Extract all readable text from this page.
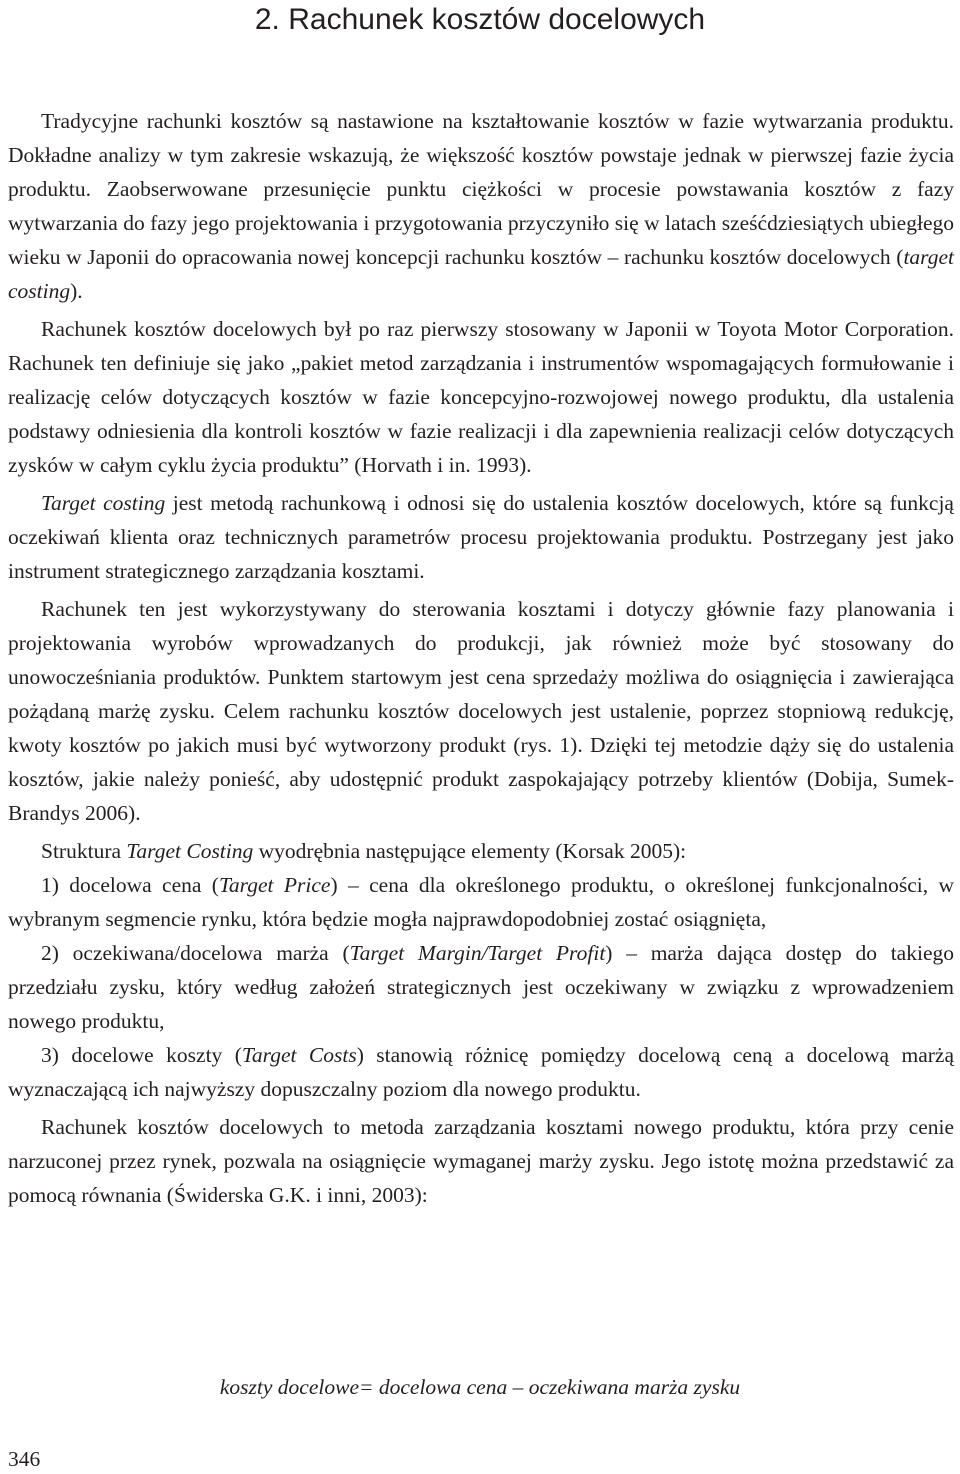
2. Rachunek kosztów docelowych

Tradycyjne rachunki kosztów są nastawione na kształtowanie kosztów w fazie wytwarzania produktu. Dokładne analizy w tym zakresie wskazują, że większość kosztów powstaje jednak w pierwszej fazie życia produktu. Zaobserwowane przesunięcie punktu ciężkości w procesie powstawania kosztów z fazy wytwarzania do fazy jego projektowania i przygotowania przyczyniło się w latach sześćdziesiątych ubiegłego wieku w Japonii do opracowania nowej koncepcji rachunku kosztów – rachunku kosztów docelowych (target costing).

Rachunek kosztów docelowych był po raz pierwszy stosowany w Japonii w Toyota Motor Corporation. Rachunek ten definiuje się jako „pakiet metod zarządzania i instrumentów wspomagających formułowanie i realizację celów dotyczących kosztów w fazie koncepcyjno-rozwojowej nowego produktu, dla ustalenia podstawy odniesienia dla kontroli kosztów w fazie realizacji i dla zapewnienia realizacji celów dotyczących zysków w całym cyklu życia produktu” (Horvath i in. 1993).

Target costing jest metodą rachunkową i odnosi się do ustalenia kosztów docelowych, które są funkcją oczekiwań klienta oraz technicznych parametrów procesu projektowania produktu. Postrzegany jest jako instrument strategicznego zarządzania kosztami.

Rachunek ten jest wykorzystywany do sterowania kosztami i dotyczy głównie fazy planowania i projektowania wyrobów wprowadzanych do produkcji, jak również może być stosowany do unowocześniania produktów. Punktem startowym jest cena sprzedaży możliwa do osiągnięcia i zawierająca pożądaną marżę zysku. Celem rachunku kosztów docelowych jest ustalenie, poprzez stopniową redukcję, kwoty kosztów po jakich musi być wytworzony produkt (rys. 1). Dzięki tej metodzie dąży się do ustalenia kosztów, jakie należy ponieść, aby udostępnić produkt zaspokajający potrzeby klientów (Dobija, Sumek-Brandys 2006).

Struktura Target Costing wyodrębnia następujące elementy (Korsak 2005):

1) docelowa cena (Target Price) – cena dla określonego produktu, o określonej funkcjonalności, w wybranym segmencie rynku, która będzie mogła najprawdopodobniej zostać osiągnięta,

2) oczekiwana/docelowa marża (Target Margin/Target Profit) – marża dająca dostęp do takiego przedziału zysku, który według założeń strategicznych jest oczekiwany w związku z wprowadzeniem nowego produktu,

3) docelowe koszty (Target Costs) stanowią różnicę pomiędzy docelową ceną a docelową marżą wyznaczającą ich najwyższy dopuszczalny poziom dla nowego produktu.

Rachunek kosztów docelowych to metoda zarządzania kosztami nowego produktu, która przy cenie narzuconej przez rynek, pozwala na osiągnięcie wymaganej marży zysku. Jego istotę można przedstawić za pomocą równania (Świderska G.K. i inni, 2003):

koszty docelowe= docelowa cena – oczekiwana marża zysku
346
